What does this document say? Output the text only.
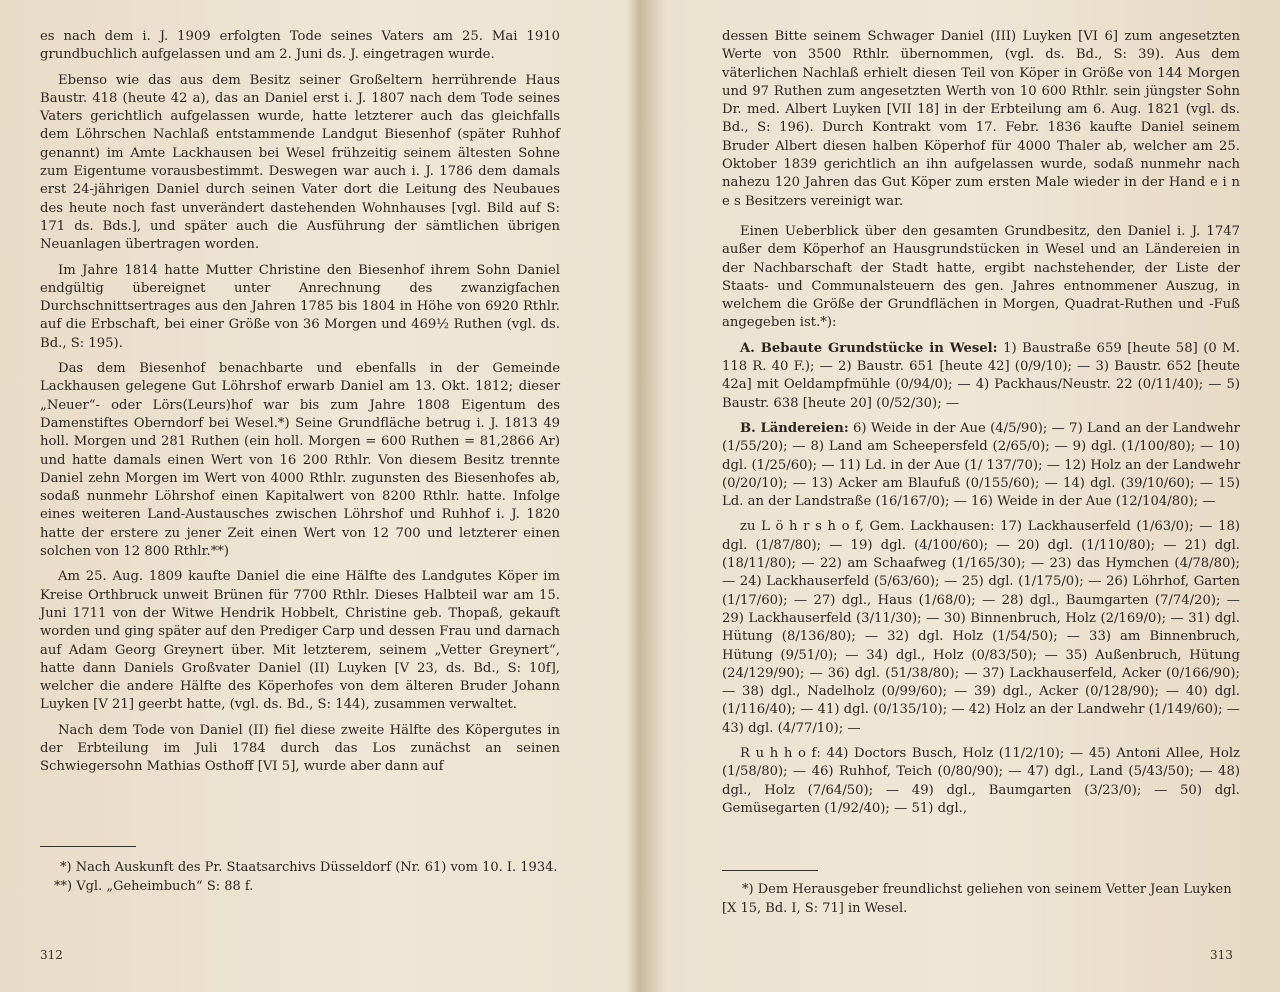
es nach dem i. J. 1909 erfolgten Tode seines Vaters am 25. Mai 1910 grundbuchlich aufgelassen und am 2. Juni ds. J. eingetragen wurde.

Ebenso wie das aus dem Besitz seiner Großeltern herrührende Haus Baustr. 418 (heute 42 a), das an Daniel erst i. J. 1807 nach dem Tode seines Vaters gerichtlich aufgelassen wurde, hatte letzterer auch das gleichfalls dem Löhrschen Nachlaß entstammende Landgut Biesenhof (später Ruhhof genannt) im Amte Lackhausen bei Wesel frühzeitig seinem ältesten Sohne zum Eigentume vorausbestimmt. Deswegen war auch i. J. 1786 dem damals erst 24-jährigen Daniel durch seinen Vater dort die Leitung des Neubaues des heute noch fast unverändert dastehenden Wohnhauses [vgl. Bild auf S: 171 ds. Bds.], und später auch die Ausführung der sämtlichen übrigen Neuanlagen übertragen worden.

Im Jahre 1814 hatte Mutter Christine den Biesenhof ihrem Sohn Daniel endgültig übereignet unter Anrechnung des zwanzigfachen Durchschnittsertrages aus den Jahren 1785 bis 1804 in Höhe von 6920 Rthlr. auf die Erbschaft, bei einer Größe von 36 Morgen und 469½ Ruthen (vgl. ds. Bd., S: 195).

Das dem Biesenhof benachbarte und ebenfalls in der Gemeinde Lackhausen gelegene Gut Löhrshof erwarb Daniel am 13. Okt. 1812; dieser „Neuer“- oder Lörs(Leurs)hof war bis zum Jahre 1808 Eigentum des Damenstiftes Oberndorf bei Wesel.*) Seine Grundfläche betrug i. J. 1813 49 holl. Morgen und 281 Ruthen (ein holl. Morgen = 600 Ruthen = 81,2866 Ar) und hatte damals einen Wert von 16 200 Rthlr. Von diesem Besitz trennte Daniel zehn Morgen im Wert von 4000 Rthlr. zugunsten des Biesenhofes ab, sodaß nunmehr Löhrshof einen Kapitalwert von 8200 Rthlr. hatte. Infolge eines weiteren Land-Austausches zwischen Löhrshof und Ruhhof i. J. 1820 hatte der erstere zu jener Zeit einen Wert von 12 700 und letzterer einen solchen von 12 800 Rthlr.**)

Am 25. Aug. 1809 kaufte Daniel die eine Hälfte des Landgutes Köper im Kreise Orthbruck unweit Brünen für 7700 Rthlr. Dieses Halbteil war am 15. Juni 1711 von der Witwe Hendrik Hobbelt, Christine geb. Thopaß, gekauft worden und ging später auf den Prediger Carp und dessen Frau und darnach auf Adam Georg Greynert über. Mit letzterem, seinem „Vetter Greynert“, hatte dann Daniels Großvater Daniel (II) Luyken [V 23, ds. Bd., S: 10f], welcher die andere Hälfte des Köperhofes von dem älteren Bruder Johann Luyken [V 21] geerbt hatte, (vgl. ds. Bd., S: 144), zusammen verwaltet.

Nach dem Tode von Daniel (II) fiel diese zweite Hälfte des Köpergutes in der Erbteilung im Juli 1784 durch das Los zunächst an seinen Schwiegersohn Mathias Osthoff [VI 5], wurde aber dann auf

*) Nach Auskunft des Pr. Staatsarchivs Düsseldorf (Nr. 61) vom 10. I. 1934.

**) Vgl. „Geheimbuch“ S: 88 f.

312

dessen Bitte seinem Schwager Daniel (III) Luyken [VI 6] zum angesetzten Werte von 3500 Rthlr. übernommen, (vgl. ds. Bd., S: 39). Aus dem väterlichen Nachlaß erhielt diesen Teil von Köper in Größe von 144 Morgen und 97 Ruthen zum angesetzten Werth von 10 600 Rthlr. sein jüngster Sohn Dr. med. Albert Luyken [VII 18] in der Erbteilung am 6. Aug. 1821 (vgl. ds. Bd., S: 196). Durch Kontrakt vom 17. Febr. 1836 kaufte Daniel seinem Bruder Albert diesen halben Köperhof für 4000 Thaler ab, welcher am 25. Oktober 1839 gerichtlich an ihn aufgelassen wurde, sodaß nunmehr nach nahezu 120 Jahren das Gut Köper zum ersten Male wieder in der Hand e i n e s Besitzers vereinigt war.

Einen Ueberblick über den gesamten Grundbesitz, den Daniel i. J. 1747 außer dem Köperhof an Hausgrundstücken in Wesel und an Ländereien in der Nachbarschaft der Stadt hatte, ergibt nachstehender, der Liste der Staats- und Communalsteuern des gen. Jahres entnommener Auszug, in welchem die Größe der Grundflächen in Morgen, Quadrat-Ruthen und -Fuß angegeben ist.*):

A. Bebaute Grundstücke in Wesel: 1) Baustraße 659 [heute 58] (0 M. 118 R. 40 F.); — 2) Baustr. 651 [heute 42] (0/9/10); — 3) Baustr. 652 [heute 42a] mit Oeldampfmühle (0/94/0); — 4) Packhaus/Neustr. 22 (0/11/40); — 5) Baustr. 638 [heute 20] (0/52/30); —

B. Ländereien: 6) Weide in der Aue (4/5/90); — 7) Land an der Landwehr (1/55/20); — 8) Land am Scheepersfeld (2/65/0); — 9) dgl. (1/100/80); — 10) dgl. (1/25/60); — 11) Ld. in der Aue (1/ 137/70); — 12) Holz an der Landwehr (0/20/10); — 13) Acker am Blaufuß (0/155/60); — 14) dgl. (39/10/60); — 15) Ld. an der Landstraße (16/167/0); — 16) Weide in der Aue (12/104/80); —

zu L ö h r s h o f, Gem. Lackhausen: 17) Lackhauserfeld (1/63/0); — 18) dgl. (1/87/80); — 19) dgl. (4/100/60); — 20) dgl. (1/110/80); — 21) dgl. (18/11/80); — 22) am Schaafweg (1/165/30); — 23) das Hymchen (4/78/80); — 24) Lackhauserfeld (5/63/60); — 25) dgl. (1/175/0); — 26) Löhrhof, Garten (1/17/60); — 27) dgl., Haus (1/68/0); — 28) dgl., Baumgarten (7/74/20); — 29) Lackhauserfeld (3/11/30); — 30) Binnenbruch, Holz (2/169/0); — 31) dgl. Hütung (8/136/80); — 32) dgl. Holz (1/54/50); — 33) am Binnenbruch, Hütung (9/51/0); — 34) dgl., Holz (0/83/50); — 35) Außenbruch, Hütung (24/129/90); — 36) dgl. (51/38/80); — 37) Lackhauserfeld, Acker (0/166/90); — 38) dgl., Nadelholz (0/99/60); — 39) dgl., Acker (0/128/90); — 40) dgl. (1/116/40); — 41) dgl. (0/135/10); — 42) Holz an der Landwehr (1/149/60); — 43) dgl. (4/77/10); —

R u h h o f: 44) Doctors Busch, Holz (11/2/10); — 45) Antoni Allee, Holz (1/58/80); — 46) Ruhhof, Teich (0/80/90); — 47) dgl., Land (5/43/50); — 48) dgl., Holz (7/64/50); — 49) dgl., Baumgarten (3/23/0); — 50) dgl. Gemüsegarten (1/92/40); — 51) dgl.,

*) Dem Herausgeber freundlichst geliehen von seinem Vetter Jean Luyken [X 15, Bd. I, S: 71] in Wesel.

313
